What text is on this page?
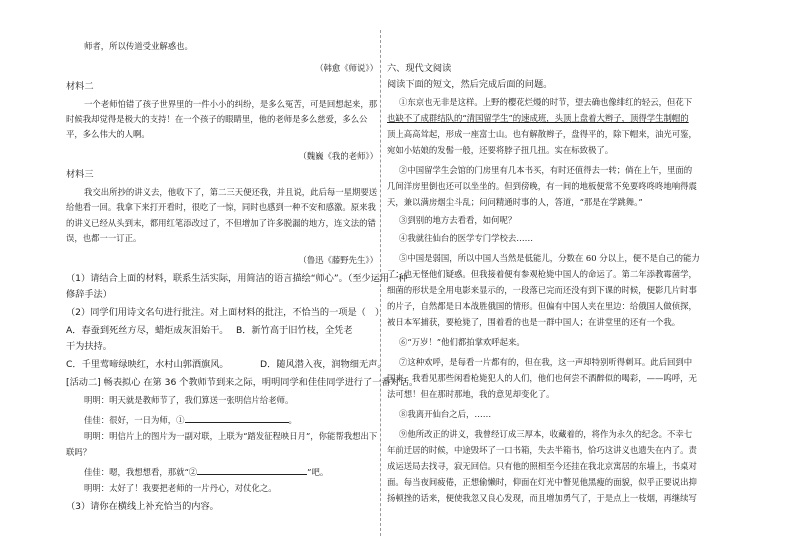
师者，所以传道受业解惑也。
（韩愈《师说》）
材料二
一个老师怕错了孩子世界里的一件小小的纠纷，是多么冤苦，可是回想起来，那
时候我却觉得是极大的支持！在一个孩子的眼睛里，他的老师是多么慈爱，多么公
平，多么伟大的人啊。
（魏巍《我的老师》）
材料三
我交出所抄的讲义去，他收下了，第二三天便还我，并且说，此后每一星期要送
给他看一回。我拿下来打开看时，很吃了一惊，同时也感到一种不安和感激。原来我
的讲义已经从头到末，都用红笔添改过了，不但增加了许多脱漏的地方，连文法的错
误，也都一一订正。
（鲁迅《藤野先生》）
（1）请结合上面的材料，联系生活实际，用简洁的语言描绘“师心”。（至少运用一种
修辞手法）
（2）同学们用诗文名句进行批注。对上面材料的批注，不恰当的一项是（　）
A．春蚕到死丝方尽，蜡炬成灰泪始干。 B．新竹高于旧竹枝，全凭老
干为扶持。
C．千里莺啼绿映红，水村山郭酒旗风。	D．随风潜入夜，润物细无声。
[活动二] 畅表拟心 在第 36 个教师节到来之际，明明同学和佳佳同学进行了一番对话。
明明：明天就是教师节了，我们算送一张明信片给老师。
佳佳：很好，一日为师，①	。
明明：明信片上的图片为一副对联，上联为“踏发征程映日月”，你能帮我想出下
联吗？
佳佳：嗯，我想想看，那就“②	”吧。
明明：太好了！我要把老师的一片丹心，对仗化之。
（3）请你在横线上补充恰当的内容。
六、现代文阅读
阅读下面的短文，然后完成后面的问题。
①东京也无非是这样。上野的樱花烂熳的时节，望去确也像绯红的轻云，但花下
也缺不了成群结队的“清国留学生”的速成班，头顶上盘着大辫子，顶得学生制帽的
顶上高高耸起，形成一座富士山。也有解散辫子，盘得平的，除下帽来，油光可鉴，
宛如小姑娘的发髻一般，还要将脖子扭几扭。实在标致极了。
②中国留学生会馆的门房里有几本书买，有时还值得去一转；倘在上午，里面的
几间洋房里倒也还可以坐坐的。但到傍晚，有一间的地板便常不免要咚咚咚地响得震
天，兼以满房烟尘斗乱；问问精通时事的人，答道，“那是在学跳舞。”
③到别的地方去看看，如何呢？
④我就往仙台的医学专门学校去……
⑤中国是弱国，所以中国人当然是低能儿，分数在 60 分以上，便不是自己的能力
了：也无怪他们疑惑。但我接着便有参观枪毙中国人的命运了。第二年添教霉菌学，
细菌的形状是全用电影来显示的，一段落已完而还没有到下课的时候，便影几片时事
的片子，自然都是日本战胜俄国的情形。但偏有中国人夹在里边：给俄国人做侦探，
被日本军捕获，要枪毙了，围着看的也是一群中国人；在讲堂里的还有一个我。
⑥“万岁！”他们都拍掌欢呼起来。
⑦这种欢呼，是每看一片都有的，但在我，这一声却特别听得刺耳。此后回到中
国来，我看见那些闲看枪毙犯人的人们，他们也何尝不酒醉似的喝彩，——呜呼，无
法可想！但在那时那地，我的意见却变化了。
⑧我离开仙台之后，……
⑨他所改正的讲义，我曾经订成三厚本，收藏着的，将作为永久的纪念。不幸七
年前迁居的时候，中途毁坏了一口书箱，失去半箱书，恰巧这讲义也遗失在内了。责
成运送局去找寻，寂无回信。只有他的照相至今还挂在我北京寓居的东墙上，书桌对
面。每当夜间疲倦，正想偷懒时，仰面在灯光中瞥见他黑瘦的面貌，似乎正要说出抑
扬顿挫的话来，便使我忽又良心发现，而且增加勇气了，于是点上一枝烟，再继续写
